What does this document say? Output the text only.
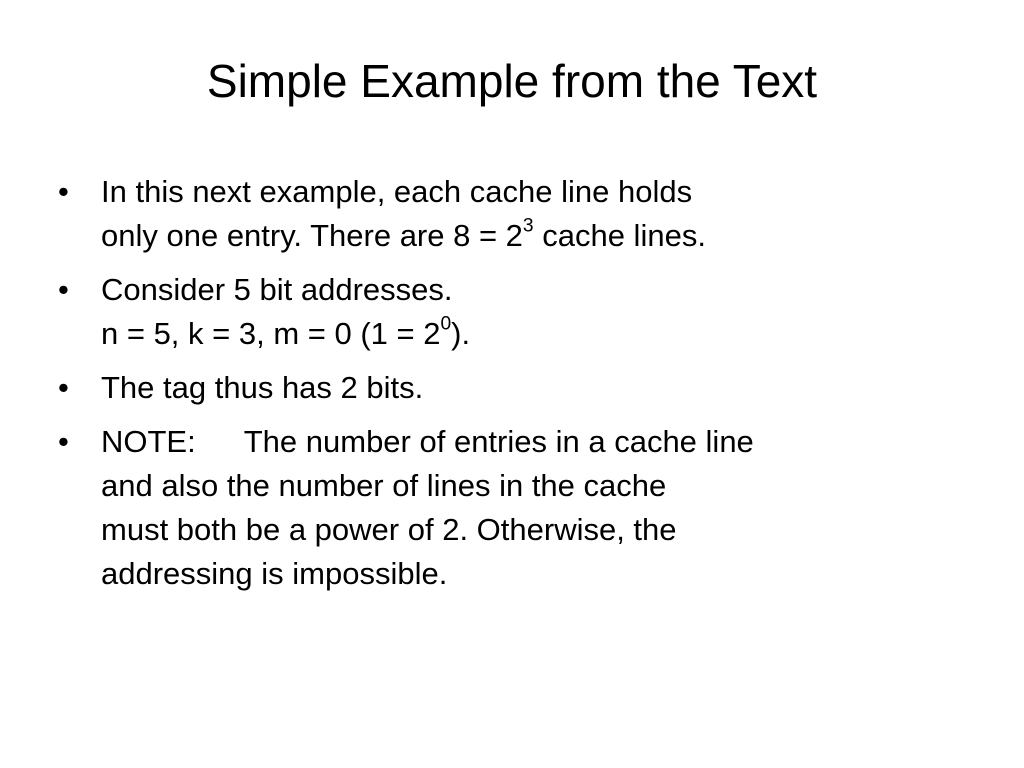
Simple Example from the Text
•	In this next example, each cache line holds
only one entry. There are $8 = 2^3$ cache lines.
•	Consider 5 bit addresses.
n = 5, k = 3, m = 0 $(1 = 2^0)$.
•	The tag thus has 2 bits.
•	NOTE: The number of entries in a cache line
and also the number of lines in the cache
must both be a power of 2. Otherwise, the
addressing is impossible.
